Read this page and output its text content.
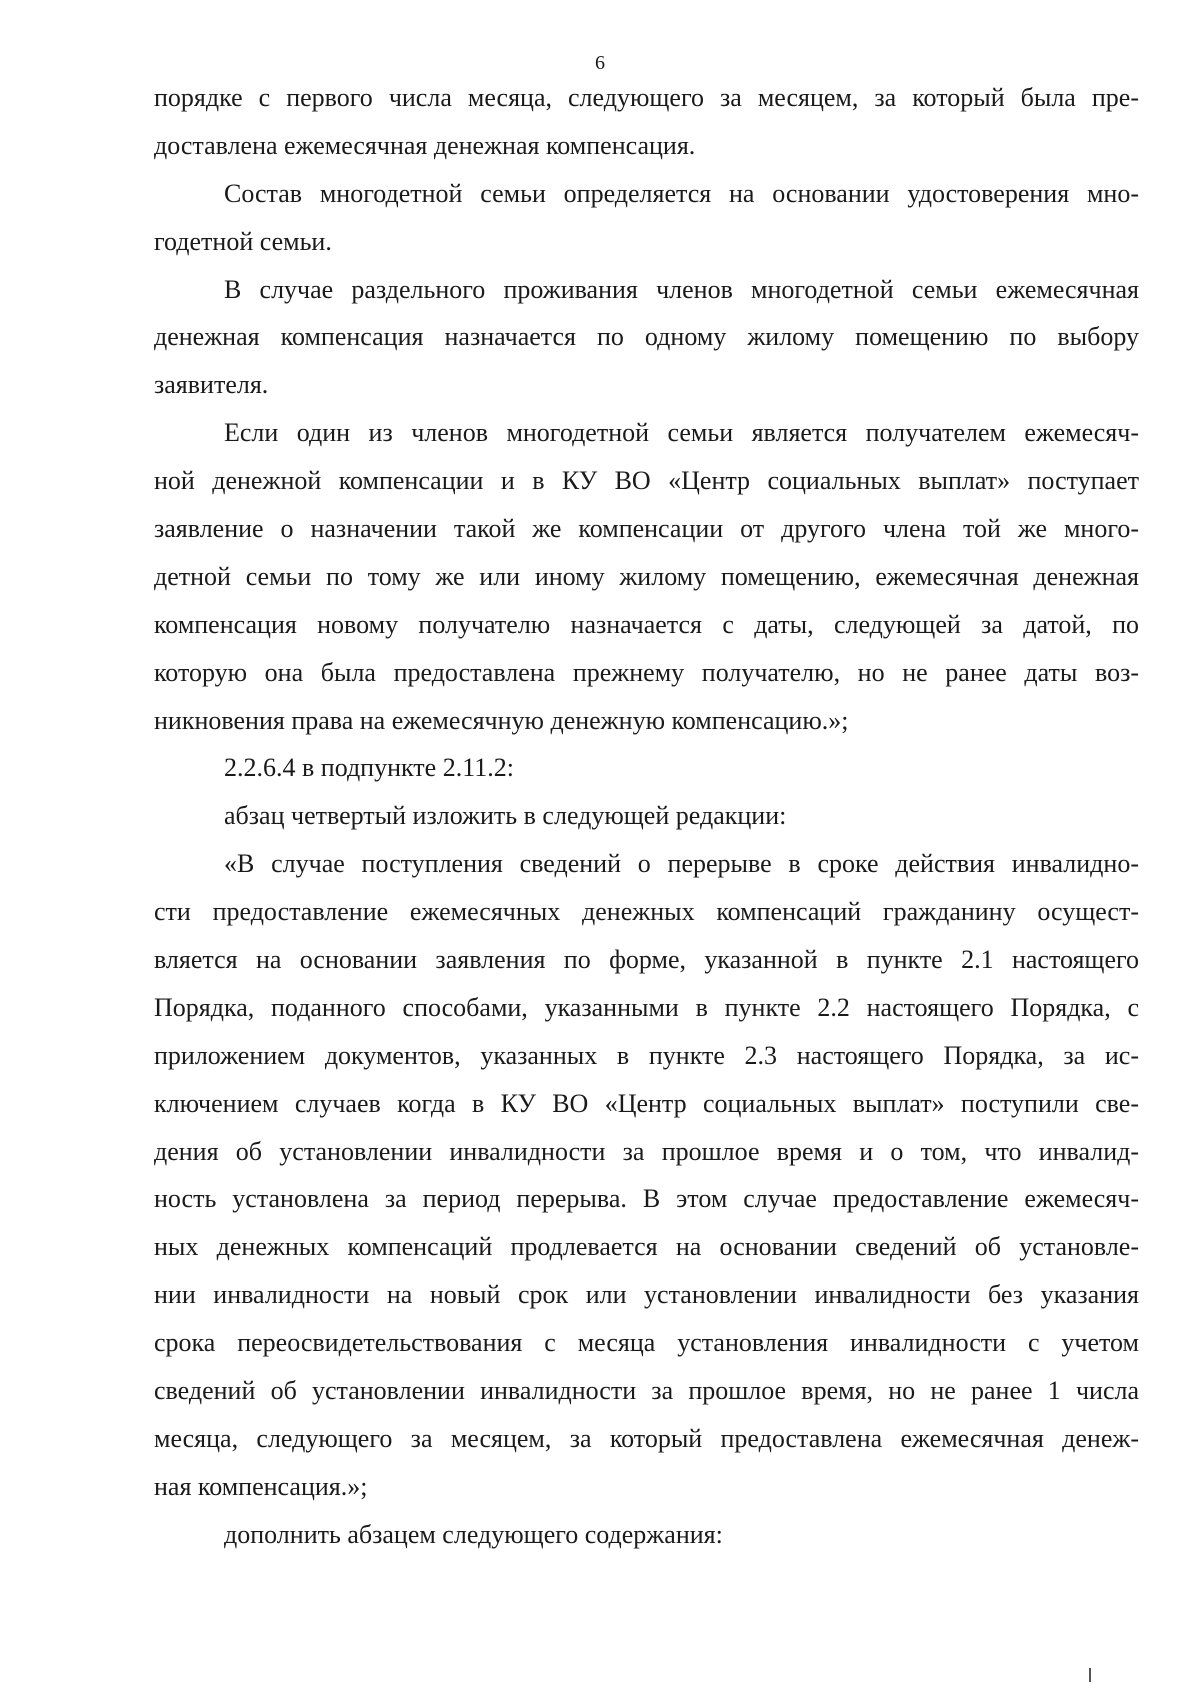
6
порядке с первого числа месяца, следующего за месяцем, за который была пре-
доставлена ежемесячная денежная компенсация.
Состав многодетной семьи определяется на основании удостоверения мно-
годетной семьи.
В случае раздельного проживания членов многодетной семьи ежемесячная
денежная компенсация назначается по одному жилому помещению по выбору
заявителя.
Если один из членов многодетной семьи является получателем ежемесяч-
ной денежной компенсации и в КУ ВО «Центр социальных выплат» поступает
заявление о назначении такой же компенсации от другого члена той же много-
детной семьи по тому же или иному жилому помещению, ежемесячная денежная
компенсация новому получателю назначается с даты, следующей за датой, по
которую она была предоставлена прежнему получателю, но не ранее даты воз-
никновения права на ежемесячную денежную компенсацию.»;
2.2.6.4 в подпункте 2.11.2:
абзац четвертый изложить в следующей редакции:
«В случае поступления сведений о перерыве в сроке действия инвалидно-
сти предоставление ежемесячных денежных компенсаций гражданину осущест-
вляется на основании заявления по форме, указанной в пункте 2.1 настоящего
Порядка, поданного способами, указанными в пункте 2.2 настоящего Порядка, с
приложением документов, указанных в пункте 2.3 настоящего Порядка, за ис-
ключением случаев когда в КУ ВО «Центр социальных выплат» поступили све-
дения об установлении инвалидности за прошлое время и о том, что инвалид-
ность установлена за период перерыва. В этом случае предоставление ежемесяч-
ных денежных компенсаций продлевается на основании сведений об установле-
нии инвалидности на новый срок или установлении инвалидности без указания
срока переосвидетельствования с месяца установления инвалидности с учетом
сведений об установлении инвалидности за прошлое время, но не ранее 1 числа
месяца, следующего за месяцем, за который предоставлена ежемесячная денеж-
ная компенсация.»;
дополнить абзацем следующего содержания:
